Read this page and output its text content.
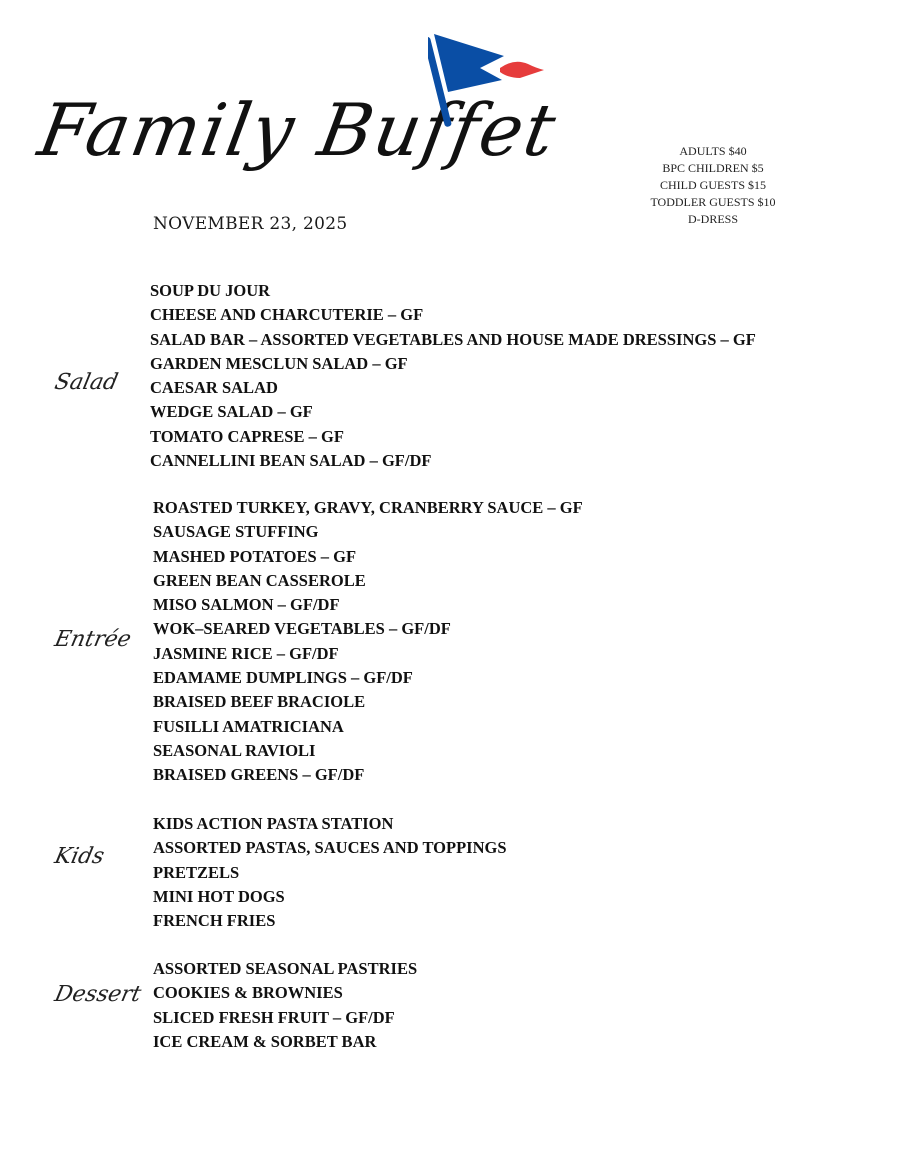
Family Buffet
NOVEMBER 23, 2025
ADULTS $40
BPC CHILDREN $5
CHILD GUESTS $15
TODDLER GUESTS $10
D-DRESS
Salad
SOUP DU JOUR
CHEESE AND CHARCUTERIE – GF
SALAD BAR – ASSORTED VEGETABLES AND HOUSE MADE DRESSINGS – GF
GARDEN MESCLUN SALAD – GF
CAESAR SALAD
WEDGE SALAD – GF
TOMATO CAPRESE – GF
CANNELLINI BEAN SALAD – GF/DF
Entrée
ROASTED TURKEY, GRAVY, CRANBERRY SAUCE – GF
SAUSAGE STUFFING
MASHED POTATOES – GF
GREEN BEAN CASSEROLE
MISO SALMON – GF/DF
WOK–SEARED VEGETABLES – GF/DF
JASMINE RICE – GF/DF
EDAMAME DUMPLINGS – GF/DF
BRAISED BEEF BRACIOLE
FUSILLI AMATRICIANA
SEASONAL RAVIOLI
BRAISED GREENS – GF/DF
Kids
KIDS ACTION PASTA STATION
ASSORTED PASTAS, SAUCES AND TOPPINGS
PRETZELS
MINI HOT DOGS
FRENCH FRIES
Dessert
ASSORTED SEASONAL PASTRIES
COOKIES & BROWNIES
SLICED FRESH FRUIT – GF/DF
ICE CREAM & SORBET BAR
